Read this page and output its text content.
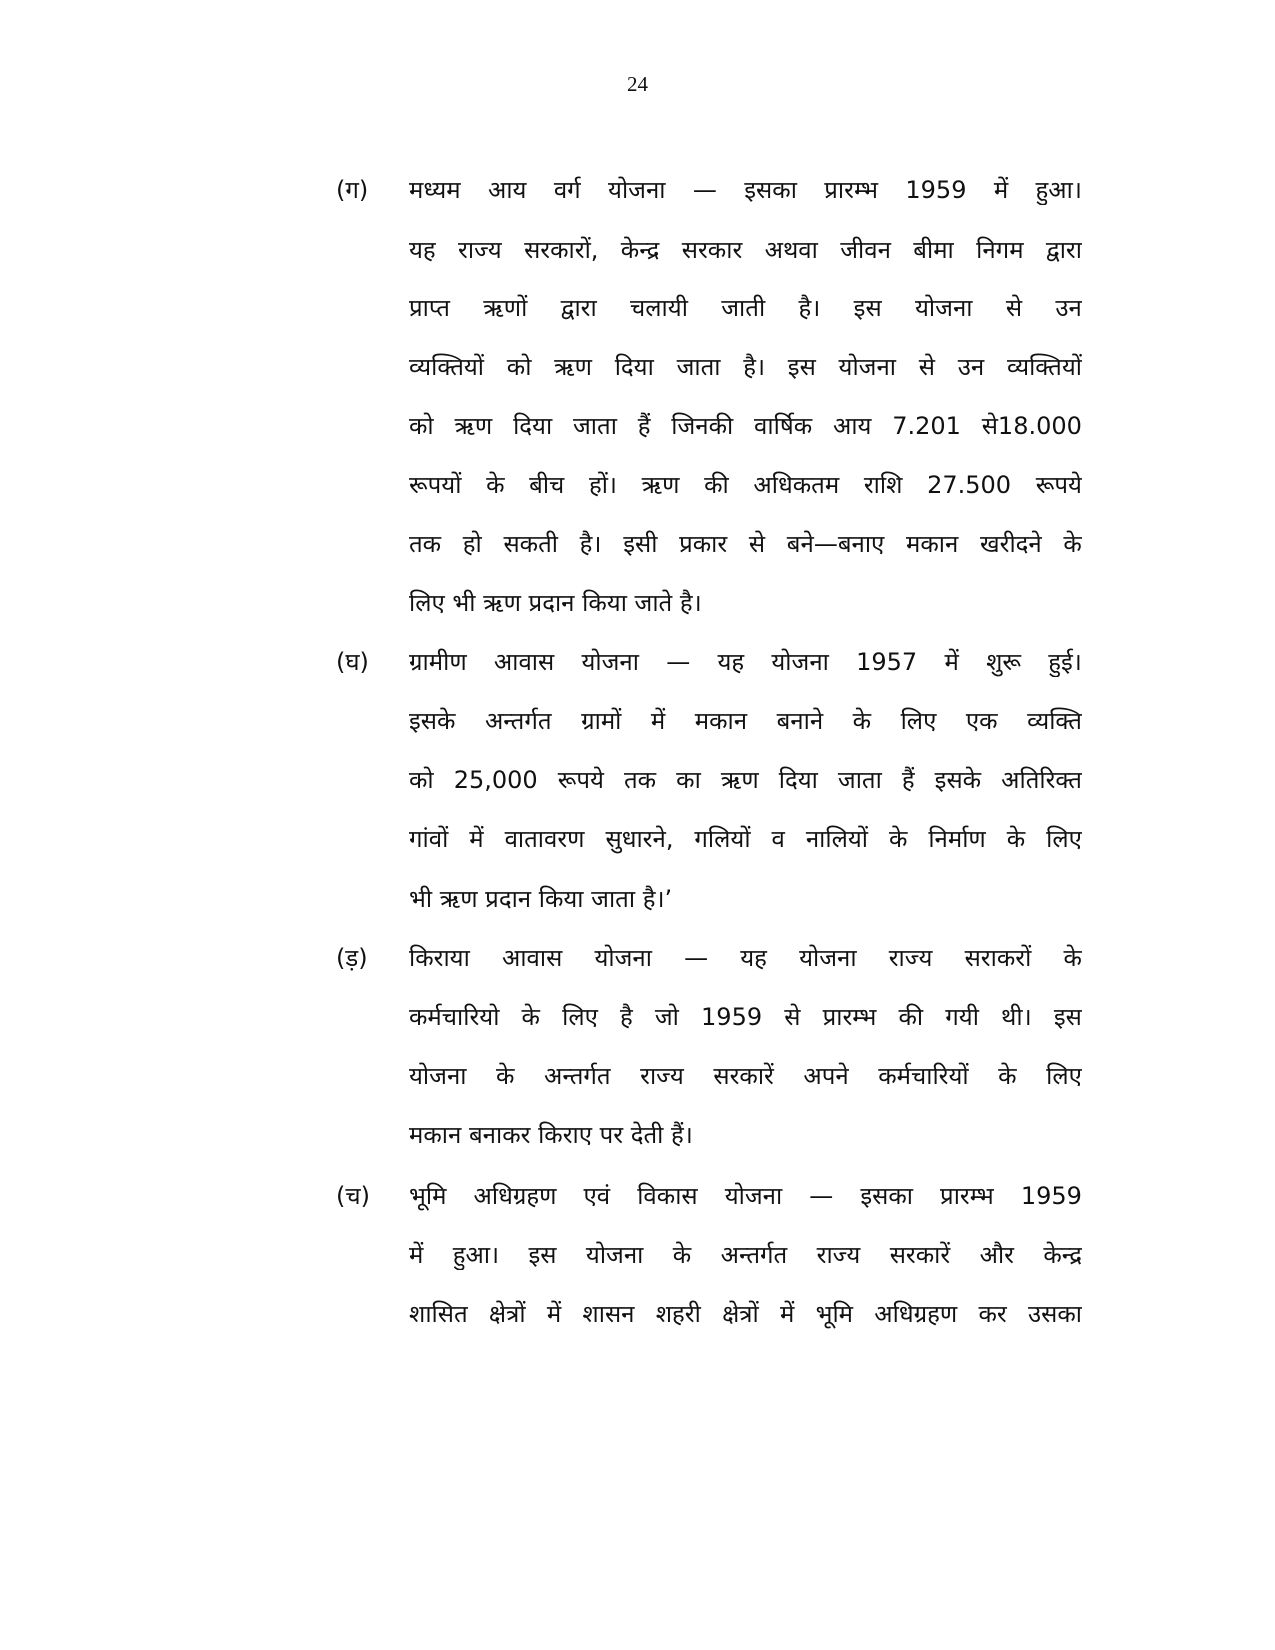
24
(ग) मध्यम आय वर्ग योजना — इसका प्रारम्भ 1959 में हुआ।
यह राज्य सरकारों, केन्द्र सरकार अथवा जीवन बीमा निगम द्वारा
प्राप्त ऋणों द्वारा चलायी जाती है। इस योजना से उन
व्यक्तियों को ऋण दिया जाता है। इस योजना से उन व्यक्तियों
को ऋण दिया जाता हैं जिनकी वार्षिक आय 7.201 से18.000
रूपयों के बीच हों। ऋण की अधिकतम राशि 27.500 रूपये
तक हो सकती है। इसी प्रकार से बने—बनाए मकान खरीदने के
लिए भी ऋण प्रदान किया जाते है।
(घ) ग्रामीण आवास योजना — यह योजना 1957 में शुरू हुई।
इसके अन्तर्गत ग्रामों में मकान बनाने के लिए एक व्यक्ति
को 25,000 रूपये तक का ऋण दिया जाता हैं इसके अतिरिक्त
गांवों में वातावरण सुधारने, गलियों व नालियों के निर्माण के लिए
भी ऋण प्रदान किया जाता है।’
(ड़) किराया आवास योजना — यह योजना राज्य सराकरों के
कर्मचारियो के लिए है जो 1959 से प्रारम्भ की गयी थी। इस
योजना के अन्तर्गत राज्य सरकारें अपने कर्मचारियों के लिए
मकान बनाकर किराए पर देती हैं।
(च) भूमि अधिग्रहण एवं विकास योजना — इसका प्रारम्भ 1959
में हुआ। इस योजना के अन्तर्गत राज्य सरकारें और केन्द्र
शासित क्षेत्रों में शासन शहरी क्षेत्रों में भूमि अधिग्रहण कर उसका
